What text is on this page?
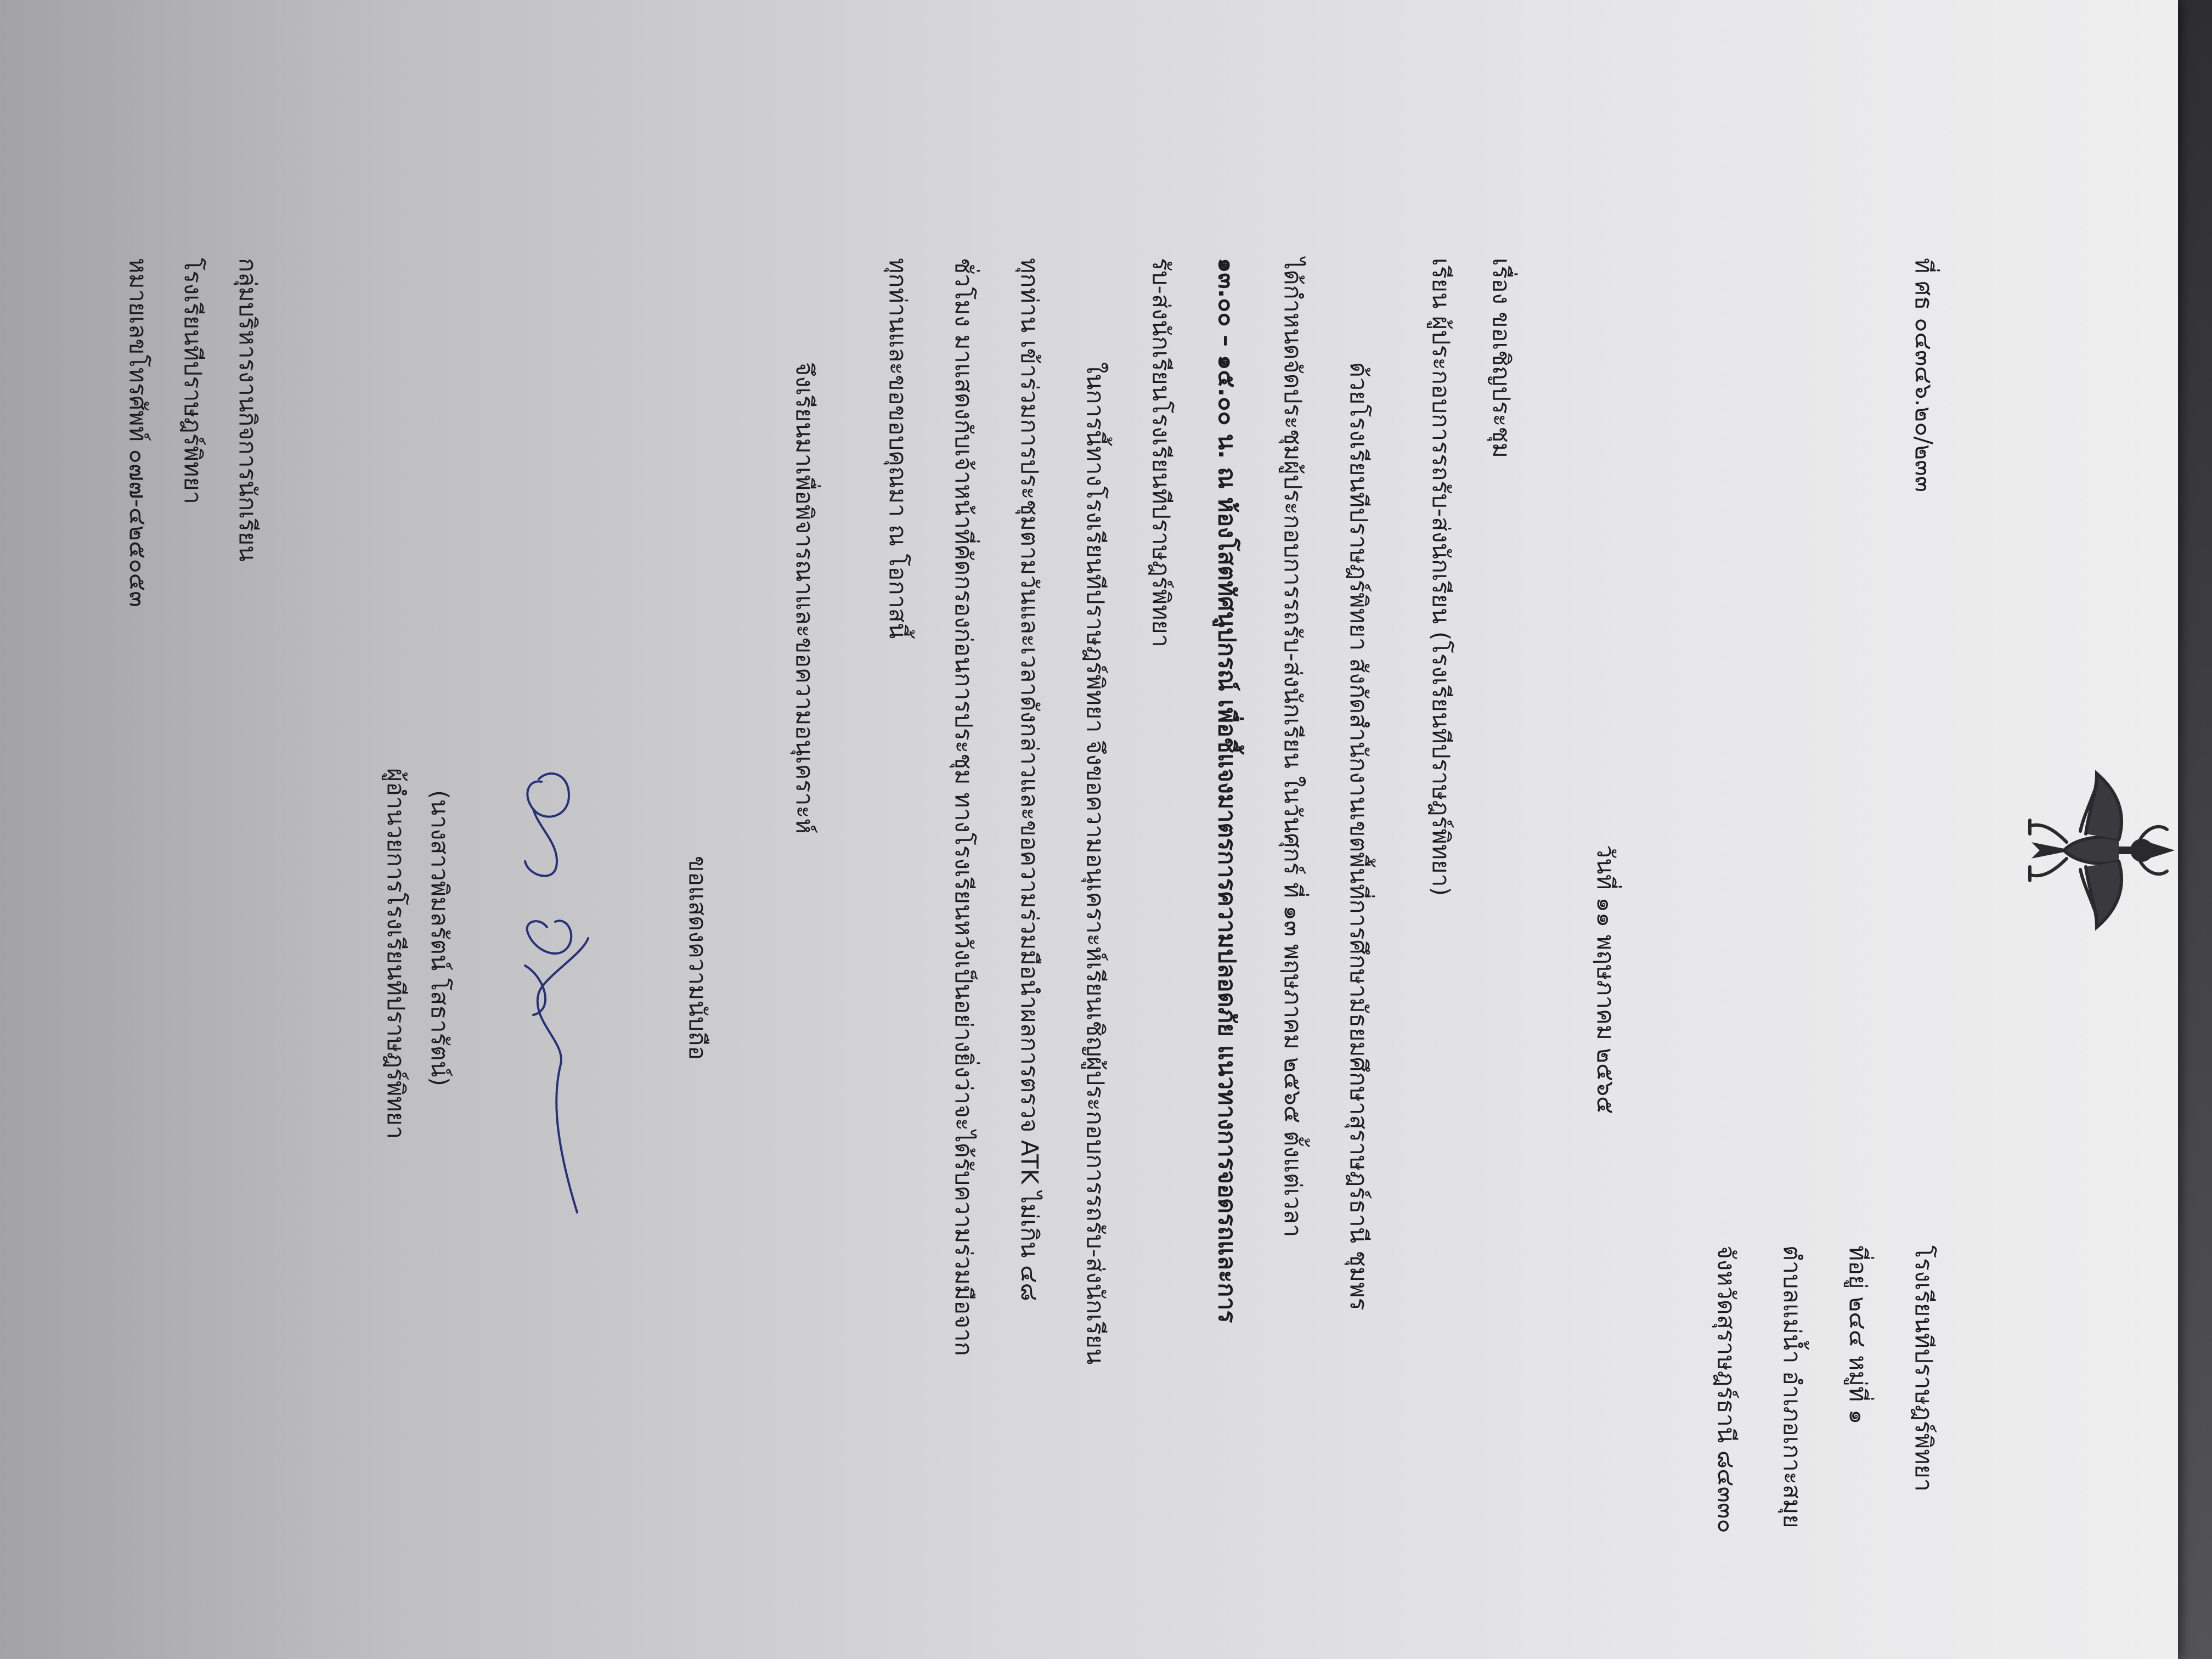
ที่ ศธ ๐๔๓๔๖.๒๐/๒๓๓
โรงเรียนทีปราษฎร์พิทยา
ที่อยู่ ๒๔๔ หมู่ที่ ๑
ตำบลแม่น้ำ อำเภอเกาะสมุย
จังหวัดสุราษฎร์ธานี ๘๔๓๓๐
วันที่ ๑๑ พฤษภาคม ๒๕๖๕
เรื่อง ขอเชิญประชุม
เรียน ผู้ประกอบการรถรับ-ส่งนักเรียน (โรงเรียนทีปราษฎร์พิทยา)
ด้วยโรงเรียนทีปราษฎร์พิทยา สังกัดสำนักงานเขตพื้นที่การศึกษามัธยมศึกษาสุราษฎร์ธานี ชุมพร
ได้กำหนดจัดประชุมผู้ประกอบการรถรับ-ส่งนักเรียน ในวันศุกร์ ที่ ๑๓ พฤษภาคม ๒๕๖๕ ตั้งแต่เวลา
๑๓.๐๐ – ๑๕.๐๐ น. ณ ห้องโสตทัศนูปกรณ์ เพื่อชี้แจงมาตรการความปลอดภัย แนวทางการจอดรถและการ
รับ-ส่งนักเรียนโรงเรียนทีปราษฎร์พิทยา
ในการนี้ทางโรงเรียนทีปราษฎร์พิทยา จึงขอความอนุเคราะห์เรียนเชิญผู้ประกอบการรถรับ-ส่งนักเรียน
ทุกท่าน เข้าร่วมการประชุมตามวันและเวลาดังกล่าวและขอความร่วมมือนำผลการตรวจ ATK ไม่เกิน ๔๘
ชั่วโมง มาแสดงกับเจ้าหน้าที่คัดกรองก่อนการประชุม ทางโรงเรียนหวังเป็นอย่างยิ่งว่าจะได้รับความร่วมมือจาก
ทุกท่านและขอขอบคุณมา ณ โอกาสนี้
จึงเรียนมาเพื่อพิจารณาและขอความอนุเคราะห์
ขอแสดงความนับถือ
(นางสาวพิมลรัตน์ โสธารัตน์)
ผู้อำนวยการโรงเรียนทีปราษฎร์พิทยา
กลุ่มบริหารงานกิจการนักเรียน
โรงเรียนทีปราษฎร์พิทยา
หมายเลขโทรศัพท์ ๐๗๗-๔๒๕๐๕๓
